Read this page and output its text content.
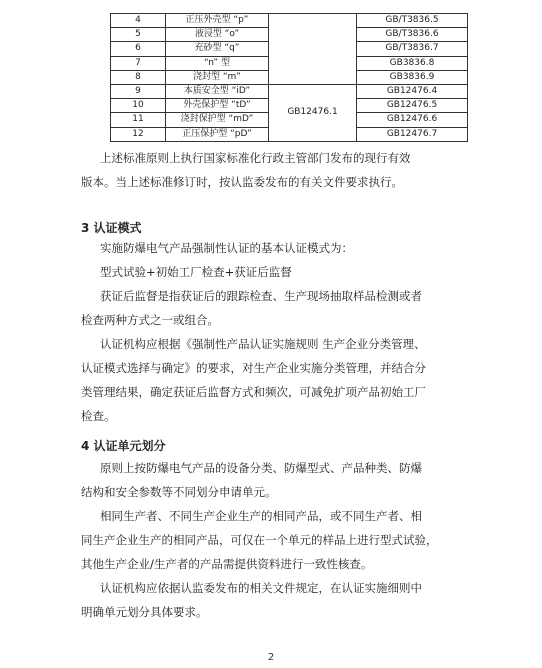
4	正压外壳型 “p”		GB/T3836.5
5	液浸型 “o”		GB/T3836.6
6	充砂型 “q”		GB/T3836.7
7	“n” 型		GB3836.8
8	浇封型 “m”		GB3836.9
9	本质安全型 “iD”	GB12476.1	GB12476.4
10	外壳保护型 “tD”		GB12476.5
11	浇封保护型 “mD”		GB12476.6
12	正压保护型 “pD”		GB12476.7
上述标准原则上执行国家标准化行政主管部门发布的现行有效
版本。当上述标准修订时，按认监委发布的有关文件要求执行。
3 认证模式
实施防爆电气产品强制性认证的基本认证模式为：
型式试验+初始工厂检查+获证后监督
获证后监督是指获证后的跟踪检查、生产现场抽取样品检测或者
检查两种方式之一或组合。
认证机构应根据《强制性产品认证实施规则 生产企业分类管理、
认证模式选择与确定》的要求，对生产企业实施分类管理，并结合分
类管理结果，确定获证后监督方式和频次，可减免扩项产品初始工厂
检查。
4 认证单元划分
原则上按防爆电气产品的设备分类、防爆型式、产品种类、防爆
结构和安全参数等不同划分申请单元。
相同生产者、不同生产企业生产的相同产品，或不同生产者、相
同生产企业生产的相同产品，可仅在一个单元的样品上进行型式试验，
其他生产企业/生产者的产品需提供资料进行一致性核查。
认证机构应依据认监委发布的相关文件规定，在认证实施细则中
明确单元划分具体要求。
2
